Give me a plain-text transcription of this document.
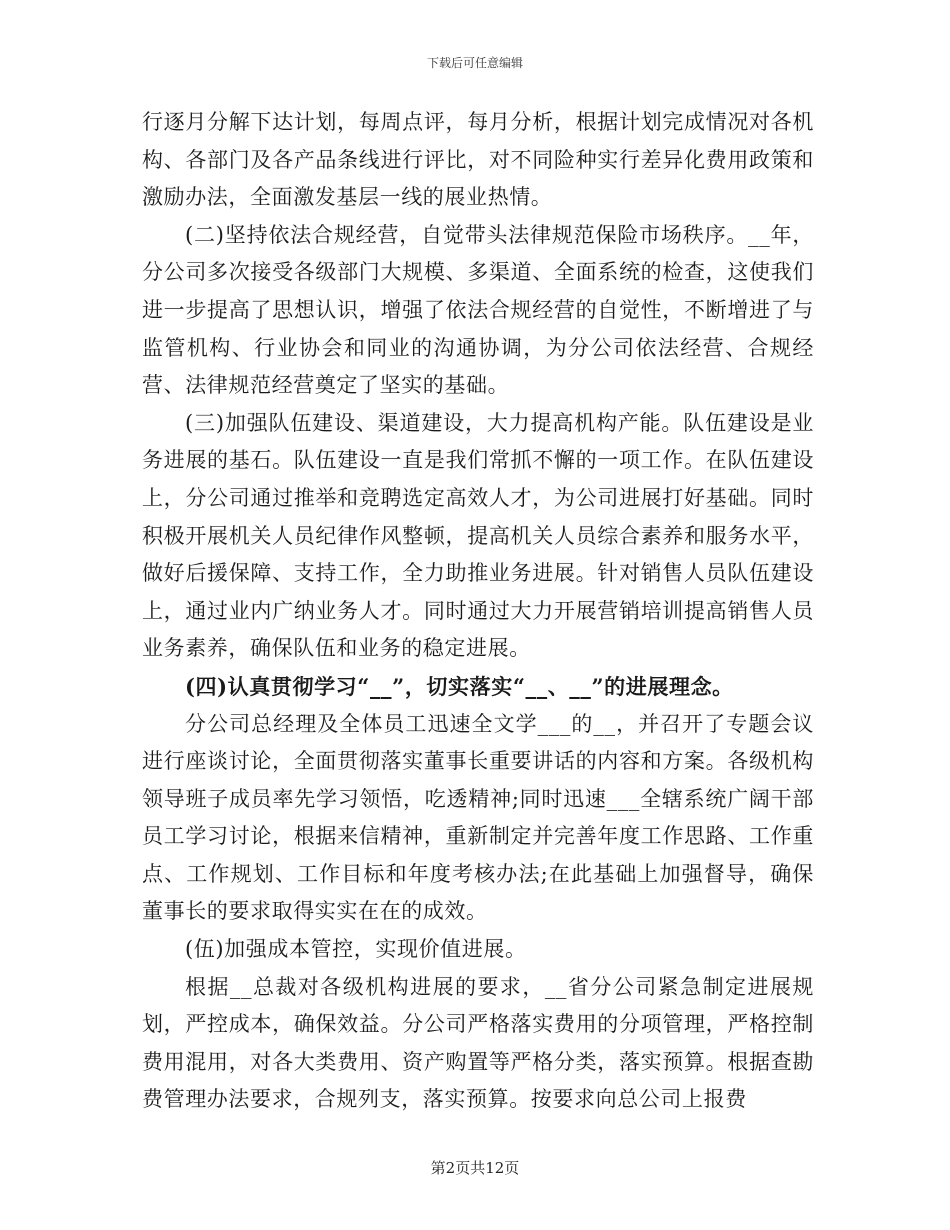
下载后可任意编辑

行逐月分解下达计划，每周点评，每月分析，根据计划完成情况对各机构、各部门及各产品条线进行评比，对不同险种实行差异化费用政策和激励办法，全面激发基层一线的展业热情。

(二)坚持依法合规经营，自觉带头法律规范保险市场秩序。__年，分公司多次接受各级部门大规模、多渠道、全面系统的检查，这使我们进一步提高了思想认识，增强了依法合规经营的自觉性，不断增进了与监管机构、行业协会和同业的沟通协调，为分公司依法经营、合规经营、法律规范经营奠定了坚实的基础。

(三)加强队伍建设、渠道建设，大力提高机构产能。队伍建设是业务进展的基石。队伍建设一直是我们常抓不懈的一项工作。在队伍建设上，分公司通过推举和竞聘选定高效人才，为公司进展打好基础。同时积极开展机关人员纪律作风整顿，提高机关人员综合素养和服务水平，做好后援保障、支持工作，全力助推业务进展。针对销售人员队伍建设上，通过业内广纳业务人才。同时通过大力开展营销培训提高销售人员业务素养，确保队伍和业务的稳定进展。

(四)认真贯彻学习“__”，切实落实“__、__”的进展理念。

分公司总经理及全体员工迅速全文学___的__，并召开了专题会议进行座谈讨论，全面贯彻落实董事长重要讲话的内容和方案。各级机构领导班子成员率先学习领悟，吃透精神;同时迅速___全辖系统广阔干部员工学习讨论，根据来信精神，重新制定并完善年度工作思路、工作重点、工作规划、工作目标和年度考核办法;在此基础上加强督导，确保董事长的要求取得实实在在的成效。

(伍)加强成本管控，实现价值进展。

根据__总裁对各级机构进展的要求，__省分公司紧急制定进展规划，严控成本，确保效益。分公司严格落实费用的分项管理，严格控制费用混用，对各大类费用、资产购置等严格分类，落实预算。根据查勘费管理办法要求，合规列支，落实预算。按要求向总公司上报费

第2页共12页
